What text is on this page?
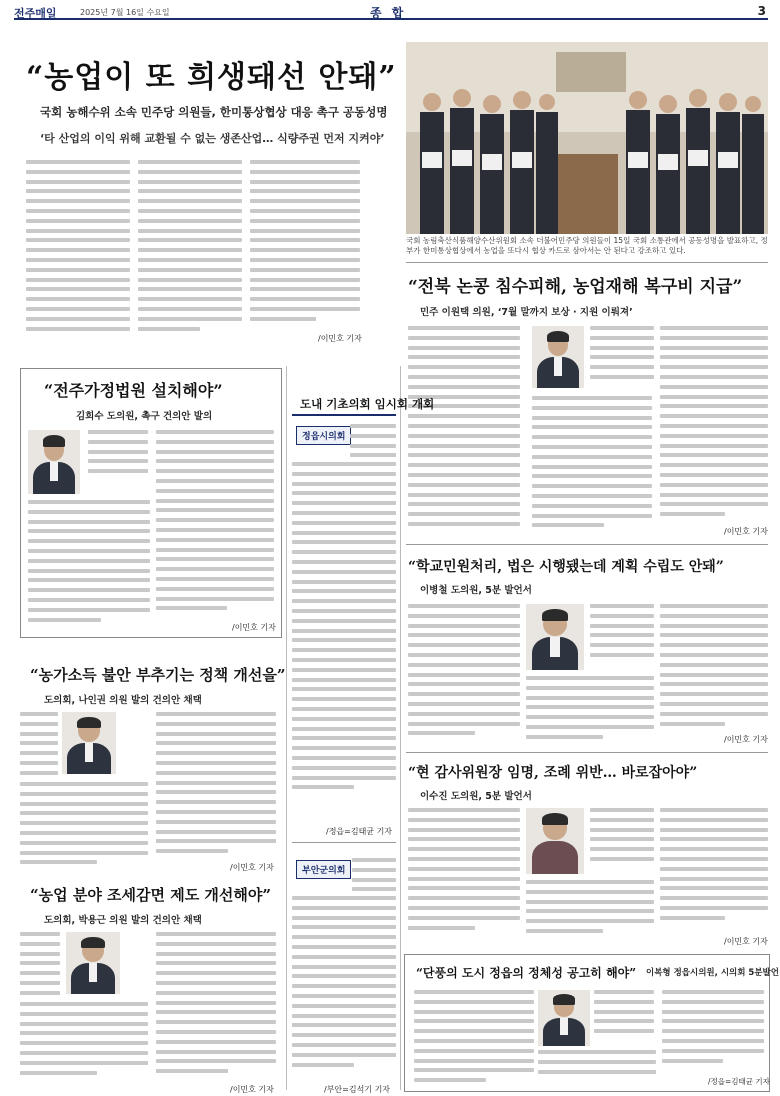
전주매일	2025년 7월 16일 수요일	종 합	3
“농업이 또 희생돼선 안돼”
국회 농해수위 소속 민주당 의원들, 한미통상협상 대응 촉구 공동성명
‘타 산업의 이익 위해 교환될 수 없는 생존산업… 식량주권 먼저 지켜야’
/이민호 기자
국회 농림축산식품해양수산위원회 소속 더불어민주당 의원들이 15일 국회 소통관에서 공동성명을 발표하고, 정부가 한미통상협상에서 농업을 또다시 협상 카드로 삼아서는 안 된다고 강조하고 있다.
“전북 논콩 침수피해, 농업재해 복구비 지급”
민주 이원택 의원, ‘7월 말까지 보상 · 지원 이뤄져’
/이민호 기자
“전주가정법원 설치해야”
김희수 도의원, 촉구 건의안 발의
/이민호 기자
“농가소득 불안 부추기는 정책 개선을”
도의회, 나인권 의원 발의 건의안 채택
/이민호 기자
“농업 분야 조세감면 제도 개선해야”
도의회, 박용근 의원 발의 건의안 채택
/이민호 기자
도내 기초의회 임시회 개회
정읍시의회
/정읍=김태균 기자
부안군의회
/부안=김석기 기자
“학교민원처리, 법은 시행됐는데 계획 수립도 안돼”
이병철 도의원, 5분 발언서
/이민호 기자
“현 감사위원장 임명, 조례 위반… 바로잡아야”
이수진 도의원, 5분 발언서
/이민호 기자
“단풍의 도시 정읍의 정체성 공고히 해야” 이복형 정읍시의원, 시의회 5분발언
/정읍=김태균 기자
